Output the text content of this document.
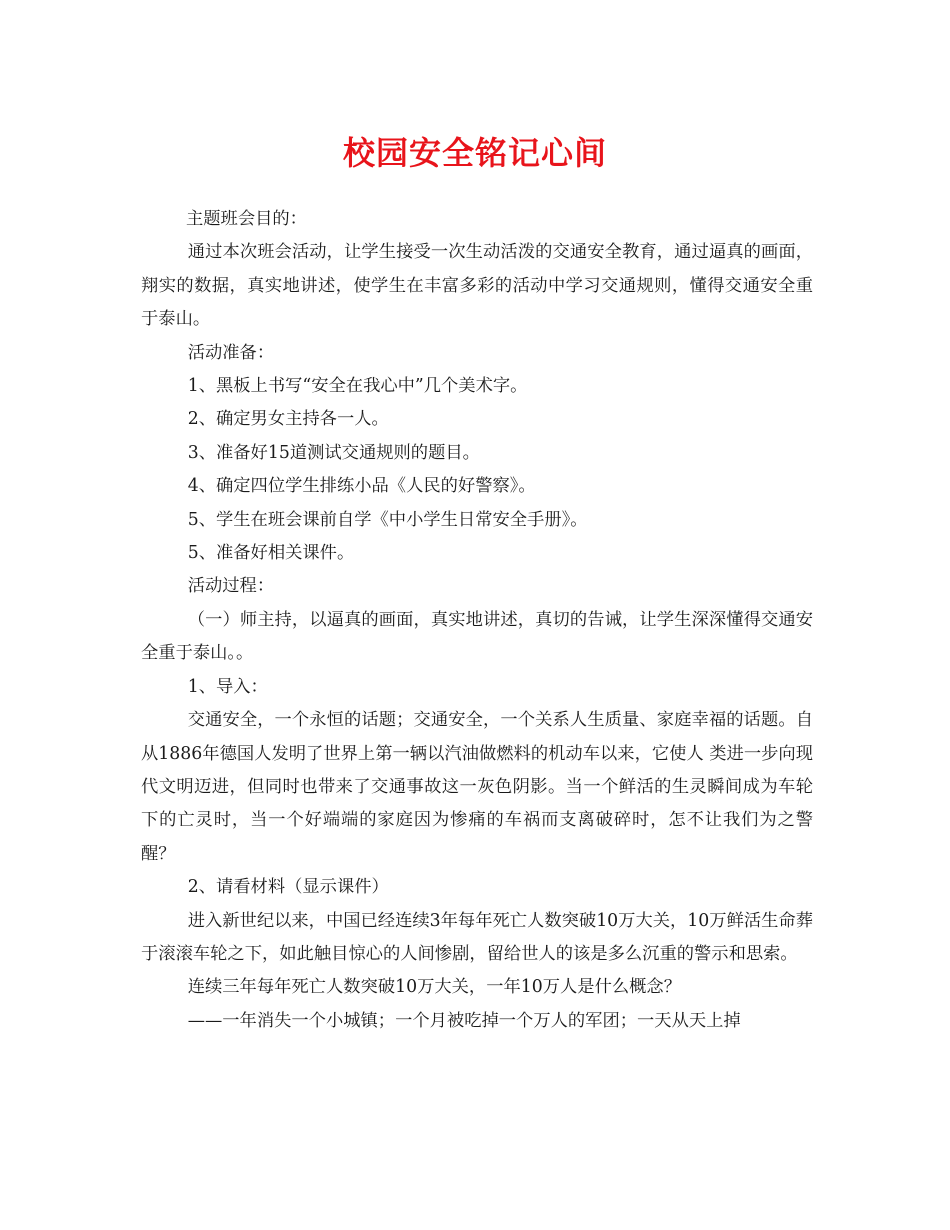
校园安全铭记心间

主题班会目的：

通过本次班会活动，让学生接受一次生动活泼的交通安全教育，通过逼真的画面，翔实的数据，真实地讲述，使学生在丰富多彩的活动中学习交通规则，懂得交通安全重于泰山。

活动准备：

1、黑板上书写“安全在我心中”几个美术字。

2、确定男女主持各一人。

3、准备好15道测试交通规则的题目。

4、确定四位学生排练小品《人民的好警察》。

5、学生在班会课前自学《中小学生日常安全手册》。

5、准备好相关课件。

活动过程：

（一）师主持，以逼真的画面，真实地讲述，真切的告诫，让学生深深懂得交通安全重于泰山。。

1、导入：

交通安全，一个永恒的话题；交通安全，一个关系人生质量、家庭幸福的话题。自从1886年德国人发明了世界上第一辆以汽油做燃料的机动车以来，它使人 类进一步向现代文明迈进，但同时也带来了交通事故这一灰色阴影。当一个鲜活的生灵瞬间成为车轮下的亡灵时，当一个好端端的家庭因为惨痛的车祸而支离破碎时，怎不让我们为之警醒？

2、请看材料（显示课件）

进入新世纪以来，中国已经连续3年每年死亡人数突破10万大关，10万鲜活生命葬于滚滚车轮之下，如此触目惊心的人间惨剧，留给世人的该是多么沉重的警示和思索。

连续三年每年死亡人数突破10万大关，一年10万人是什么概念？

——一年消失一个小城镇；一个月被吃掉一个万人的军团；一天从天上掉
